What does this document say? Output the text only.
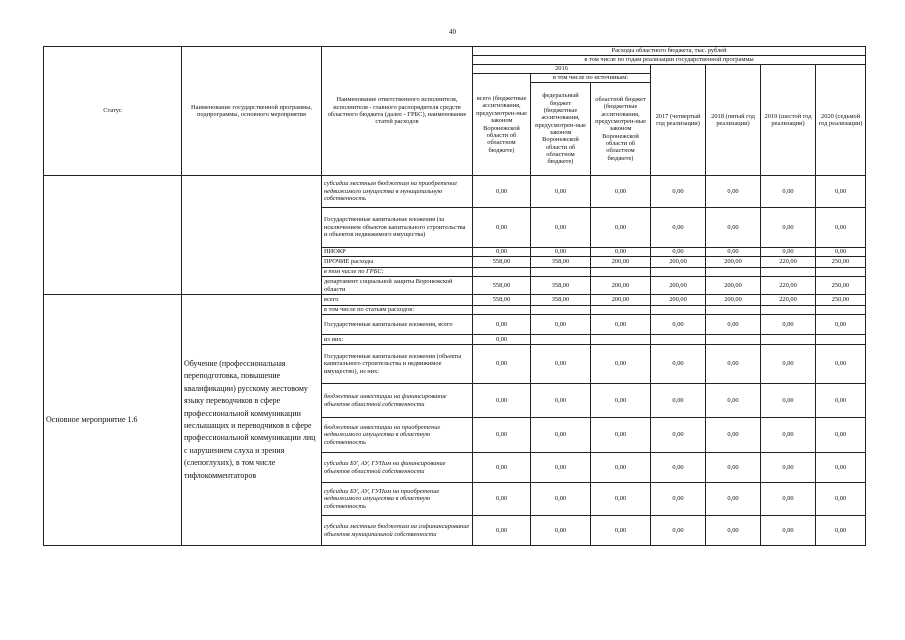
40
Статус	Наименование государственной программы, подпрограммы, основного мероприятия	Наименование ответственного исполнителя, исполнителя - главного распорядителя средств областного бюджета (далее - ГРБС), наименование статей расходов	Расходы областного бюджета, тыс. рублей						
			в том числе по годам реализации государственной программы						
			2016			2017 (четвертый год реализации)	2018 (пятый год реализации)	2019 (шестой год реализации)	2020 (седьмой год реализации)
			всего (бюджетные ассигнования, предусмотрен-ные законом Воронежской области об областном бюджете)	в том числе по источникам:					
				федеральный бюджет (бюджетные ассигнования, предусмотрен-ные законом Воронежской области об областном бюджете)	областной бюджет (бюджетные ассигнования, предусмотрен-ные законом Воронежской области об областном бюджете)				
		субсидии местным бюджетам на приобретение недвижимого имущества в муниципальную собственность	0,00	0,00	0,00	0,00	0,00	0,00	0,00
		Государственные капитальные вложения (за исключением объектов капитального строительства и объектов недвижимого имущества)	0,00	0,00	0,00	0,00	0,00	0,00	0,00
		НИОКР	0,00	0,00	0,00	0,00	0,00	0,00	0,00
		ПРОЧИЕ расходы	558,00	358,00	200,00	200,00	200,00	220,00	250,00
		в том числе по ГРБС:							
		департамент социальной защиты Воронежской области	558,00	358,00	200,00	200,00	200,00	220,00	250,00
Основное мероприятие 1.6	Обучение (профессиональная переподготовка, повышение квалификации) русскому жестовому языку переводчиков в сфере профессиональной коммуникации неслышащих и переводчиков в сфере профессиональной коммуникации лиц с нарушением слуха и зрения (слепоглухих), в том числе тифлокомментаторов	всего	558,00	358,00	200,00	200,00	200,00	220,00	250,00
		в том числе по статьям расходов:							
		Государственные капитальные вложения, всего	0,00	0,00	0,00	0,00	0,00	0,00	0,00
		из них:	0,00						
		Государственные капитальные вложения (объекты капитального строительства и недвижимое имущество), из них:	0,00	0,00	0,00	0,00	0,00	0,00	0,00
		бюджетные инвестиции на финансирование объектов областной собственности	0,00	0,00	0,00	0,00	0,00	0,00	0,00
		бюджетные инвестиции на приобретение недвижимого имущества в областную собственность	0,00	0,00	0,00	0,00	0,00	0,00	0,00
		субсидии БУ, АУ, ГУПам на финансирование объектов областной собственности	0,00	0,00	0,00	0,00	0,00	0,00	0,00
		субсидии БУ, АУ, ГУПам на приобретение недвижимого имущества в областную собственность	0,00	0,00	0,00	0,00	0,00	0,00	0,00
		субсидии местным бюджетам на софинансирование объектов муниципальной собственности	0,00	0,00	0,00	0,00	0,00	0,00	0,00
